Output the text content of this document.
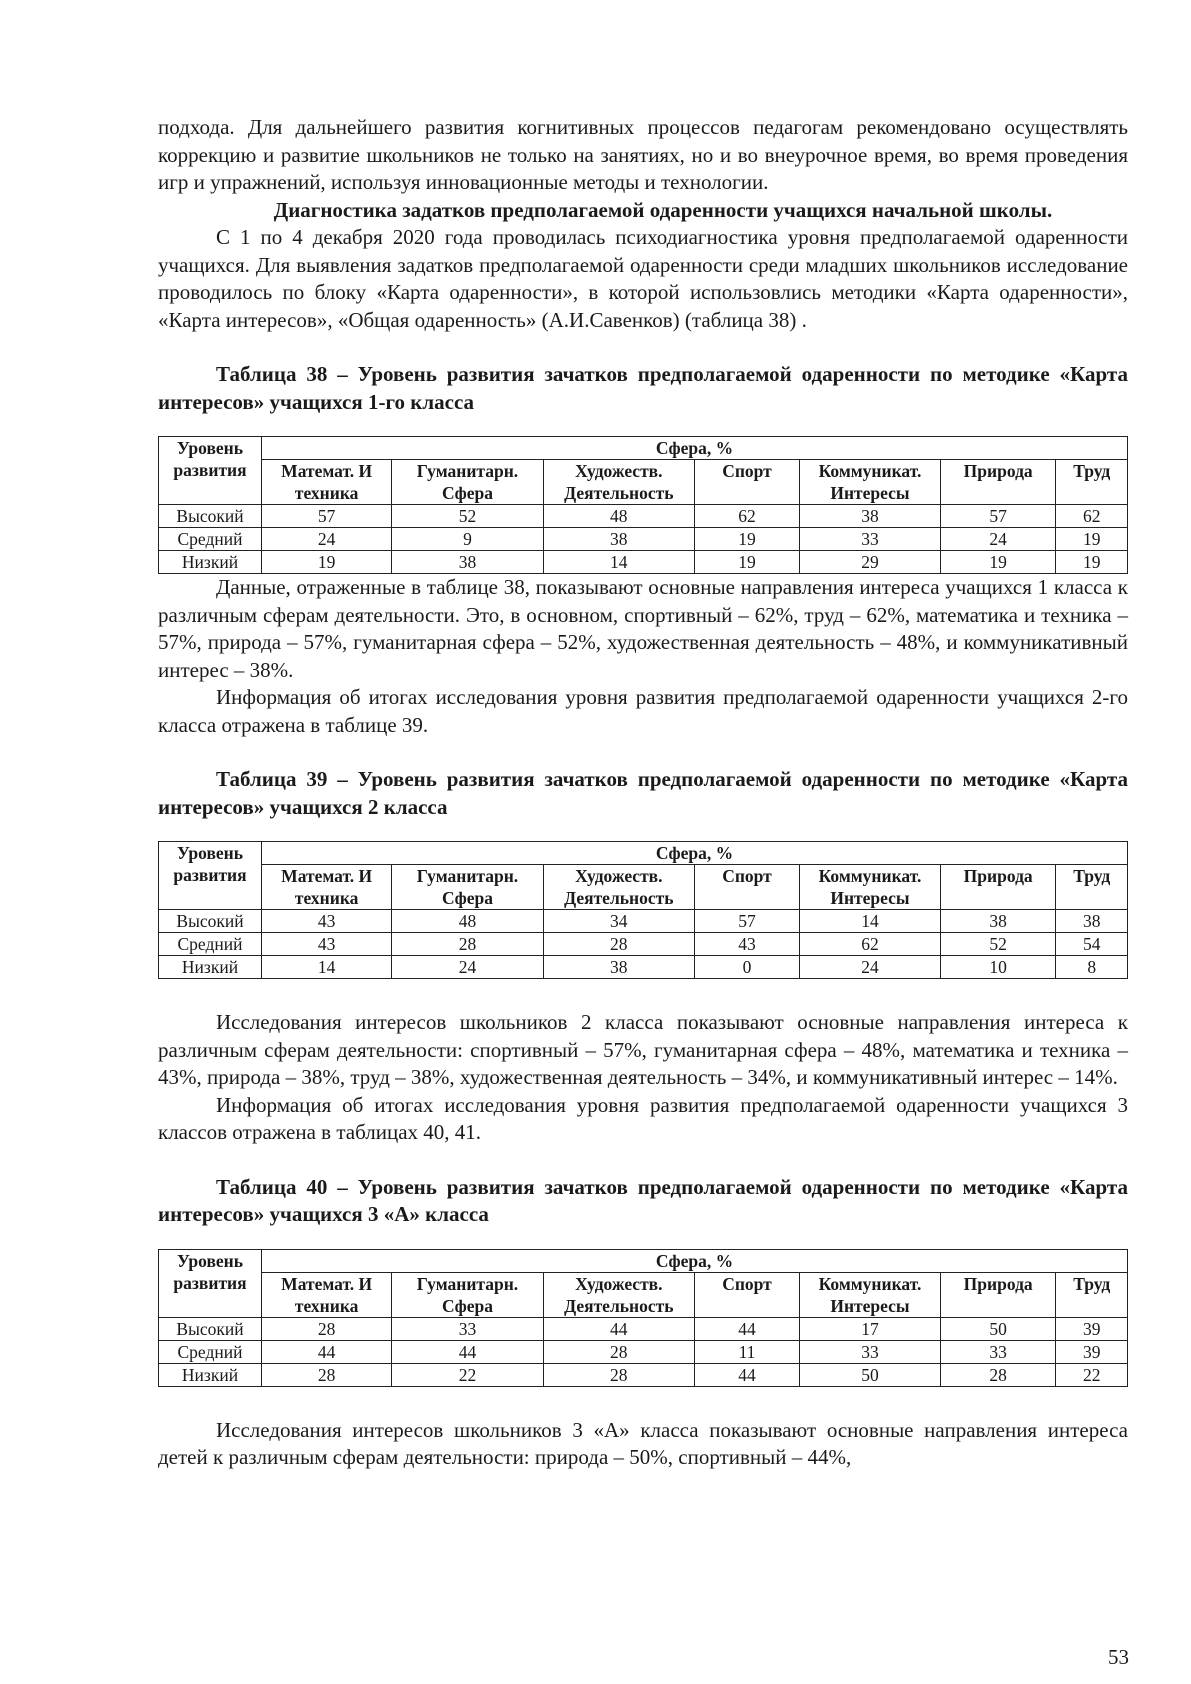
подхода. Для дальнейшего развития когнитивных процессов педагогам рекомендовано осуществлять коррекцию и развитие школьников не только на занятиях, но и во внеурочное время, во время проведения игр и упражнений, используя инновационные методы и технологии.

Диагностика задатков предполагаемой одаренности учащихся начальной школы.

С 1 по 4 декабря 2020 года проводилась психодиагностика уровня предполагаемой одаренности учащихся. Для выявления задатков предполагаемой одаренности среди младших школьников исследование проводилось по блоку «Карта одаренности», в которой использовлись методики «Карта одаренности», «Карта интересов», «Общая одаренность» (А.И.Савенков) (таблица 38) .

Таблица 38 – Уровень развития зачатков предполагаемой одаренности по методике «Карта интересов» учащихся 1-го класса

Уровень развития	Сфера, %						
	Математ. И техника	Гуманитарн. Сфера	Художеств. Деятельность	Спорт	Коммуникат. Интересы	Природа	Труд
Высокий	57	52	48	62	38	57	62
Средний	24	9	38	19	33	24	19
Низкий	19	38	14	19	29	19	19

Данные, отраженные в таблице 38, показывают основные направления интереса учащихся 1 класса к различным сферам деятельности. Это, в основном, спортивный – 62%, труд – 62%, математика и техника – 57%, природа – 57%, гуманитарная сфера – 52%, художественная деятельность – 48%, и коммуникативный интерес – 38%.

Информация об итогах исследования уровня развития предполагаемой одаренности учащихся 2-го класса отражена в таблице 39.

Таблица 39 – Уровень развития зачатков предполагаемой одаренности по методике «Карта интересов» учащихся 2 класса

Уровень развития	Сфера, %						
	Математ. И техника	Гуманитарн. Сфера	Художеств. Деятельность	Спорт	Коммуникат. Интересы	Природа	Труд
Высокий	43	48	34	57	14	38	38
Средний	43	28	28	43	62	52	54
Низкий	14	24	38	0	24	10	8

Исследования интересов школьников 2 класса показывают основные направления интереса к различным сферам деятельности: спортивный – 57%, гуманитарная сфера – 48%, математика и техника – 43%, природа – 38%, труд – 38%, художественная деятельность – 34%, и коммуникативный интерес – 14%.

Информация об итогах исследования уровня развития предполагаемой одаренности учащихся 3 классов отражена в таблицах 40, 41.

Таблица 40 – Уровень развития зачатков предполагаемой одаренности по методике «Карта интересов» учащихся 3 «А» класса

Уровень развития	Сфера, %						
	Математ. И техника	Гуманитарн. Сфера	Художеств. Деятельность	Спорт	Коммуникат. Интересы	Природа	Труд
Высокий	28	33	44	44	17	50	39
Средний	44	44	28	11	33	33	39
Низкий	28	22	28	44	50	28	22

Исследования интересов школьников 3 «А» класса показывают основные направления интереса детей к различным сферам деятельности: природа – 50%, спортивный – 44%,

53
